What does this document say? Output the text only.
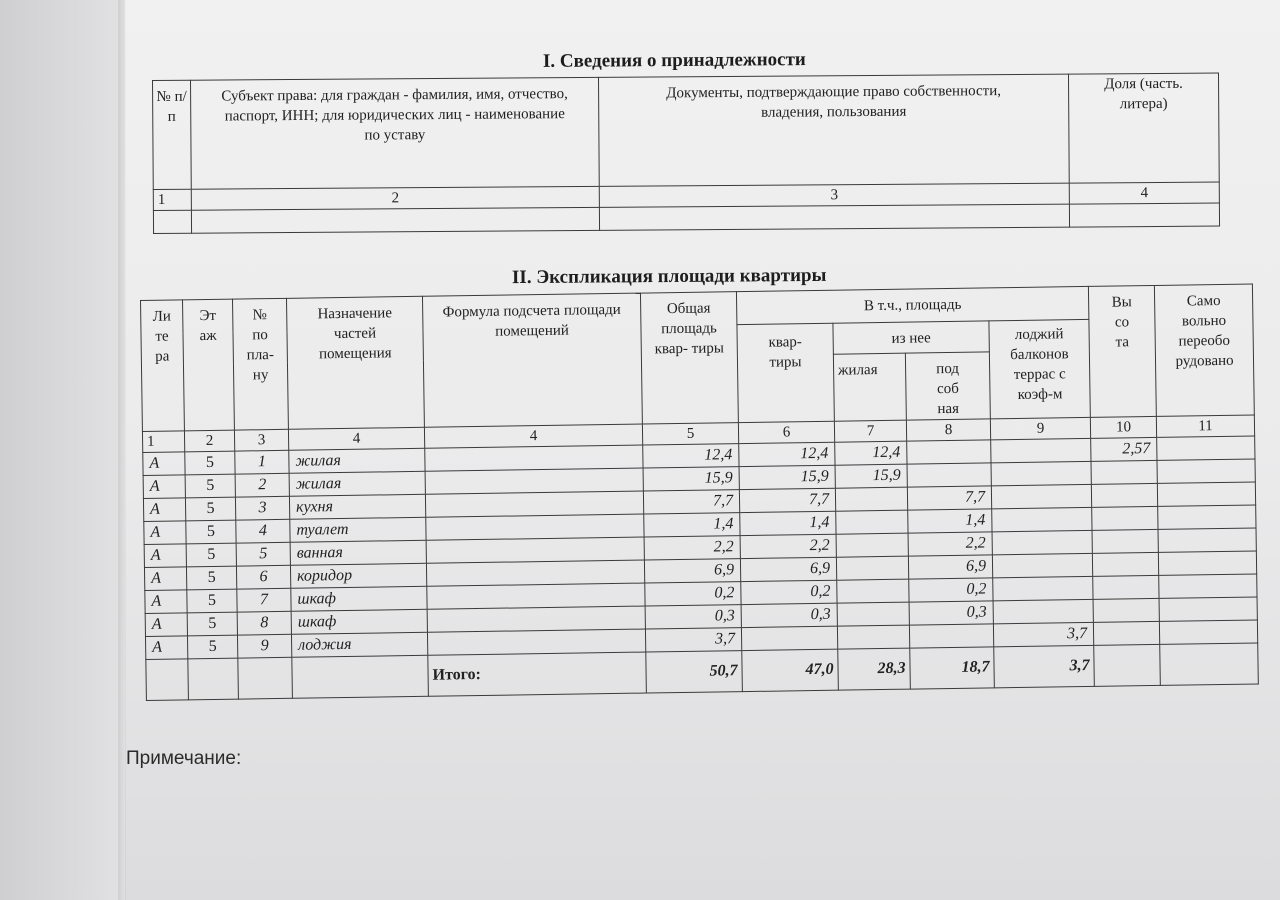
I. Сведения о принадлежности
№ п/п	Субъект права: для граждан - фамилия, имя, отчество, паспорт, ИНН; для юридических лиц - наименование по уставу	Документы, подтверждающие право собственности, владения, пользования	Доля (часть. литера)
1	2	3	4

II. Экспликация площади квартиры
Ли те ра	Эт аж	№ по пла- ну	Назначение частей помещения	Формула подсчета площади помещений	Общая площадь квар- тиры	В т.ч., площадь				Вы со та	Само вольно переобо рудовано
						квар- тиры	из нее		лоджий балконов террас с коэф-м		
							жилая	под соб ная			
1	2	3	4	4	5	6	7	8	9	10	11
А	5	1	жилая		12,4	12,4	12,4			2,57	
А	5	2	жилая		15,9	15,9	15,9				
А	5	3	кухня		7,7	7,7		7,7			
А	5	4	туалет		1,4	1,4		1,4			
А	5	5	ванная		2,2	2,2		2,2			
А	5	6	коридор		6,9	6,9		6,9			
А	5	7	шкаф		0,2	0,2		0,2			
А	5	8	шкаф		0,3	0,3		0,3			
А	5	9	лоджия		3,7				3,7		
				Итого:	50,7	47,0	28,3	18,7	3,7		
Примечание:
